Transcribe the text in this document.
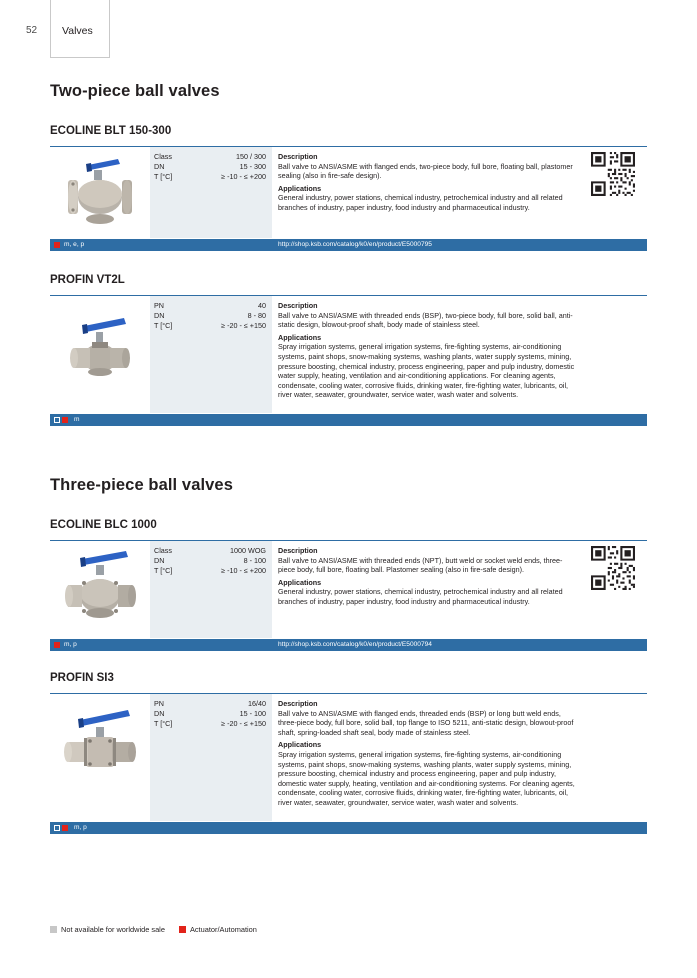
52 Valves
Two-piece ball valves
ECOLINE BLT 150-300
Class	150 / 300
DN	15 - 300
T [°C]	≥ -10 - ≤ +200
Description
Ball valve to ANSI/ASME with flanged ends, two-piece body, full bore, floating ball, plastomer sealing (also in fire-safe design).
Applications
General industry, power stations, chemical industry, petrochemical industry and all related branches of industry, paper industry, food industry and pharmaceutical industry.
m, e, p	http://shop.ksb.com/catalog/k0/en/product/E5000795
PROFIN VT2L
PN	40
DN	8 - 80
T [°C]	≥ -20 - ≤ +150
Description
Ball valve to ANSI/ASME with threaded ends (BSP), two-piece body, full bore, solid ball, anti-static design, blowout-proof shaft, body made of stainless steel.
Applications
Spray irrigation systems, general irrigation systems, fire-fighting systems, air-conditioning systems, paint shops, snow-making systems, washing plants, water supply systems, mining, pressure boosting, chemical industry, process engineering, paper and pulp industry, domestic water supply, heating, ventilation and air-conditioning applications. For cleaning agents, condensate, cooling water, corrosive fluids, drinking water, fire-fighting water, lubricants, oil, river water, seawater, groundwater, service water, wash water and solvents.
m
Three-piece ball valves
ECOLINE BLC 1000
Class	1000 WOG
DN	8 - 100
T [°C]	≥ -10 - ≤ +200
Description
Ball valve to ANSI/ASME with threaded ends (NPT), butt weld or socket weld ends, three-piece body, full bore, floating ball. Plastomer sealing (also in fire-safe design).
Applications
General industry, power stations, chemical industry, petrochemical industry and all related branches of industry, paper industry, food industry and pharmaceutical industry.
m, p	http://shop.ksb.com/catalog/k0/en/product/E5000794
PROFIN SI3
PN	16/40
DN	15 - 100
T [°C]	≥ -20 - ≤ +150
Description
Ball valve to ANSI/ASME with flanged ends, threaded ends (BSP) or long butt weld ends, three-piece body, full bore, solid ball, top flange to ISO 5211, anti-static design, blowout-proof shaft, spring-loaded shaft seal, body made of stainless steel.
Applications
Spray irrigation systems, general irrigation systems, fire-fighting systems, air-conditioning systems, paint shops, snow-making systems, washing plants, water supply systems, mining, pressure boosting, chemical industry and process engineering, paper and pulp industry, domestic water supply, heating, ventilation and air-conditioning systems. For cleaning agents, condensate, cooling water, corrosive fluids, drinking water, fire-fighting water, lubricants, oil, river water, seawater, groundwater, service water, wash water and solvents.
m, p
Not available for worldwide sale	Actuator/Automation
